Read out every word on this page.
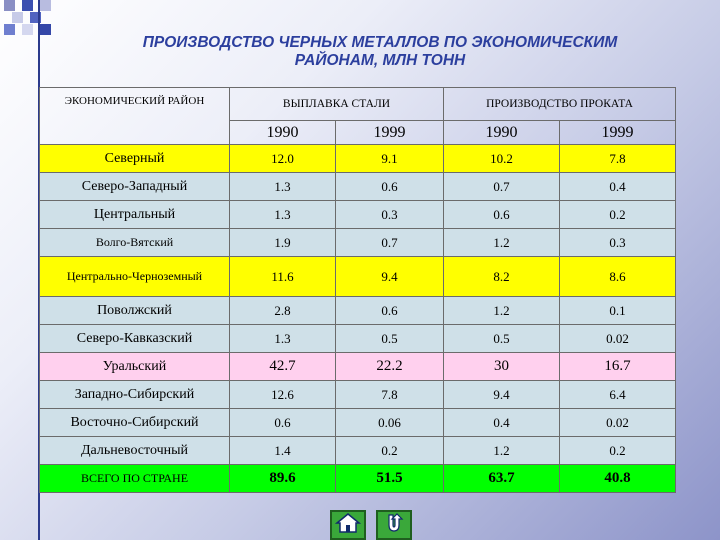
ПРОИЗВОДСТВО ЧЕРНЫХ МЕТАЛЛОВ ПО ЭКОНОМИЧЕСКИМ
РАЙОНАМ, МЛН ТОНН
ЭКОНОМИЧЕСКИЙ РАЙОН	ВЫПЛАВКА СТАЛИ		ПРОИЗВОДСТВО ПРОКАТА	
	1990	1999	1990	1999
Северный	12.0	9.1	10.2	7.8
Северо-Западный	1.3	0.6	0.7	0.4
Центральный	1.3	0.3	0.6	0.2
Волго-Вятский	1.9	0.7	1.2	0.3
Центрально-Черноземный	11.6	9.4	8.2	8.6
Поволжский	2.8	0.6	1.2	0.1
Северо-Кавказский	1.3	0.5	0.5	0.02
Уральский	42.7	22.2	30	16.7
Западно-Сибирский	12.6	7.8	9.4	6.4
Восточно-Сибирский	0.6	0.06	0.4	0.02
Дальневосточный	1.4	0.2	1.2	0.2
ВСЕГО ПО СТРАНЕ	89.6	51.5	63.7	40.8
